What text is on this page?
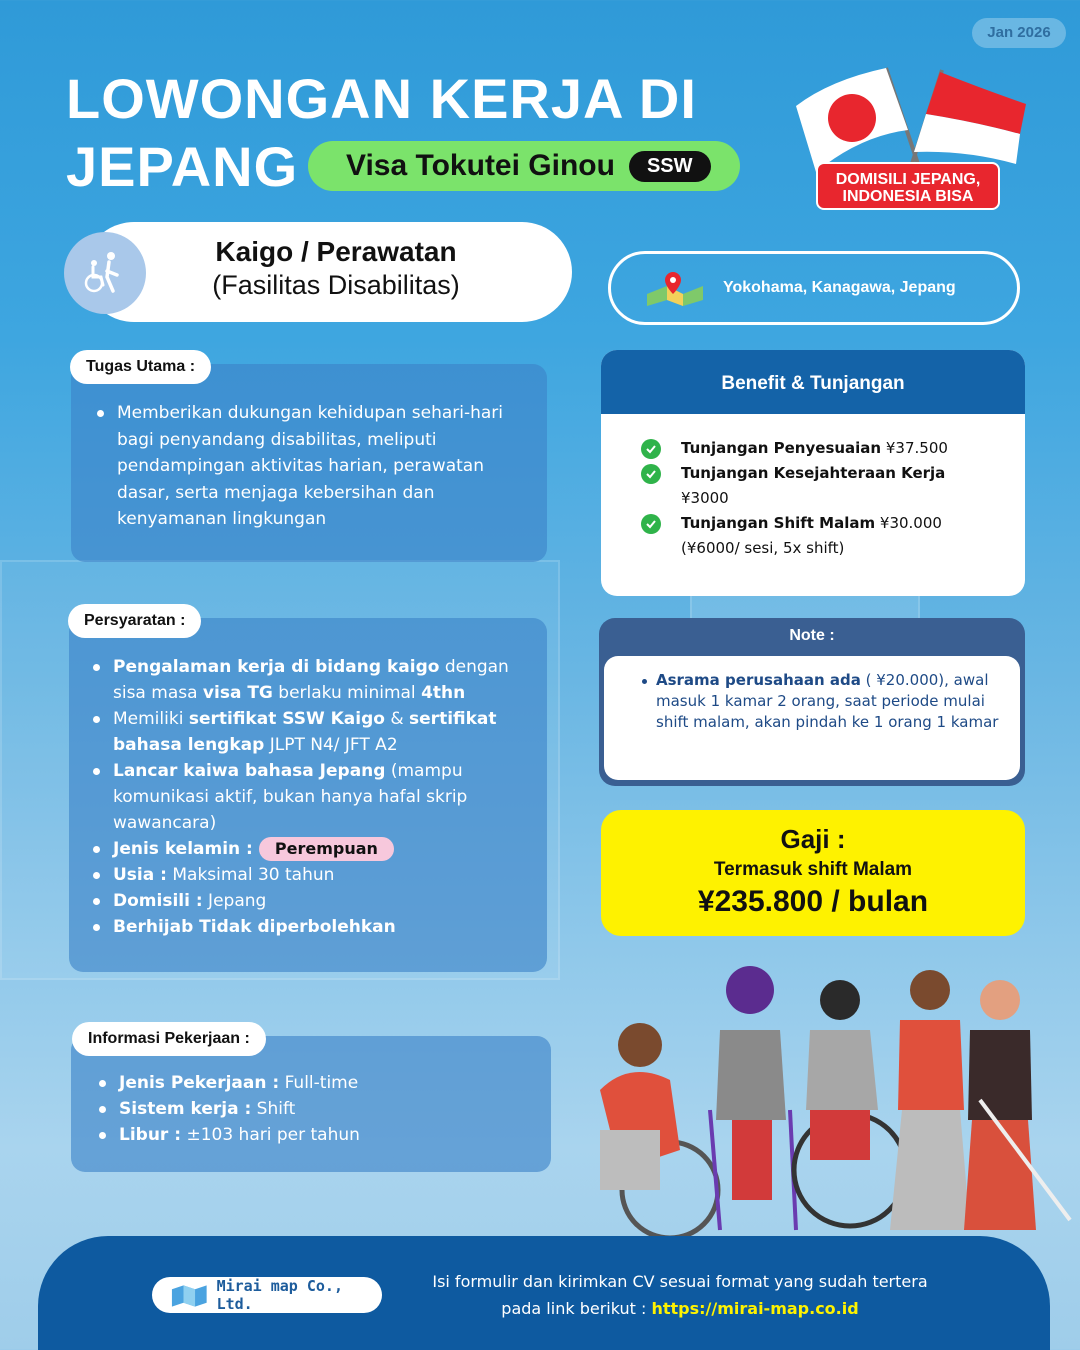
Jan 2026
LOWONGAN KERJA DI
JEPANG Visa Tokutei Ginou	SSW
DOMISILI JEPANG,
INDONESIA BISA
Kaigo / Perawatan
(Fasilitas Disabilitas)	Yokohama, Kanagawa, Jepang
Memberikan dukungan kehidupan sehari-hari bagi penyandang disabilitas, meliputi pendampingan aktivitas harian, perawatan dasar, serta menjaga kebersihan dan kenyamanan lingkungan
Tugas Utama :
Pengalaman kerja di bidang kaigo dengan sisa masa visa TG berlaku minimal 4thn
Memiliki sertifikat SSW Kaigo & sertifikat bahasa lengkap JLPT N4/ JFT A2
Lancar kaiwa bahasa Jepang (mampu komunikasi aktif, bukan hanya hafal skrip wawancara)
Jenis kelamin : Perempuan
Usia : Maksimal 30 tahun
Domisili : Jepang
Berhijab Tidak diperbolehkan
Persyaratan :
Jenis Pekerjaan : Full-time
Sistem kerja : Shift
Libur : ±103 hari per tahun
Informasi Pekerjaan :
Benefit & Tunjangan
Tunjangan Penyesuaian ¥37.500
Tunjangan Kesejahteraan Kerja
¥3000
Tunjangan Shift Malam ¥30.000
(¥6000/ sesi, 5x shift)
Note :
Asrama perusahaan ada ( ¥20.000), awal masuk 1 kamar 2 orang, saat periode mulai shift malam, akan pindah ke 1 orang 1 kamar
Gaji :
Termasuk shift Malam
¥235.800 / bulan
Mirai map Co., Ltd.
Isi formulir dan kirimkan CV sesuai format yang sudah tertera
pada link berikut : https://mirai-map.co.id
